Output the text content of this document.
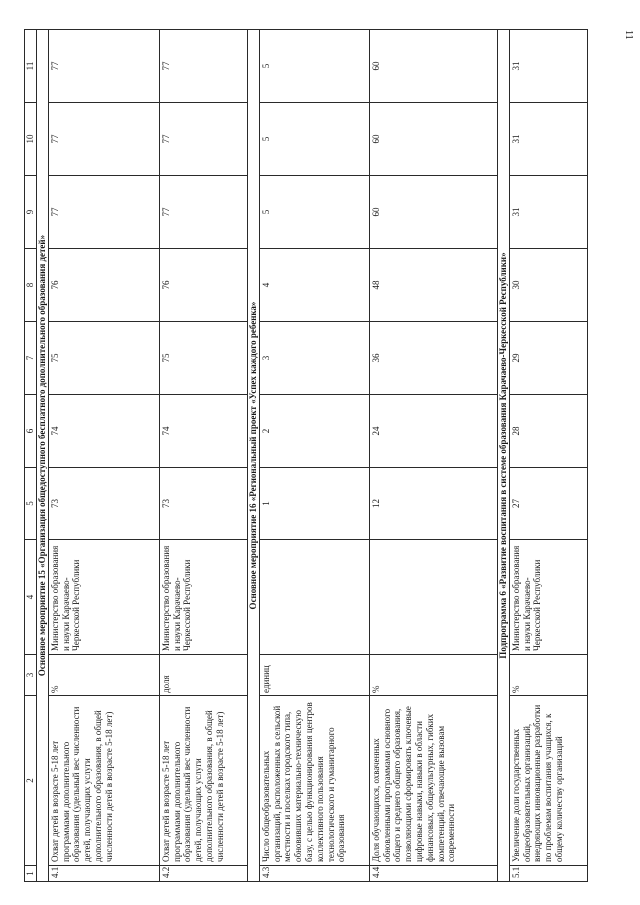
11
1	2	3	4	5	6	7	8	9	10	11
Основное мероприятие 15 «Организация общедоступного бесплатного дополнительного образования детей»										
4.1	Охват детей в возрасте 5-18 лет программами дополнительного образования (удельный вес численности детей, получающих услуги дополнительного образования, в общей численности детей в возрасте 5-18 лет)	%	Министерство образования и науки Карачаево-Черкесской Республики	73	74	75	76	77	77	77
4.2	Охват детей в возрасте 5-18 лет программами дополнительного образования (удельный вес численности детей, получающих услуги дополнительного образования, в общей численности детей в возрасте 5-18 лет)	доля	Министерство образования и науки Карачаево-Черкесской Республики	73	74	75	76	77	77	77
Основное мероприятие 16 «Региональный проект «Успех каждого ребенка»										
4.3	Число общеобразовательных организаций, расположенных в сельской местности и поселках городского типа, обновивших материально-техническую базу, с целью функционирования центров коллективного пользования технологического и гуманитарного образования	единиц		1	2	3	4	5	5	5
4.4	Доля обучающихся, охваченных обновленными программами основного общего и среднего общего образования, позволяющими сформировать ключевые цифровые навыки, навыки в области финансовых, общекультурных, гибких компетенций, отвечающие вызовам современности	%		12	24	36	48	60	60	60
Подпрограмма 6 «Развитие воспитания в системе образования Карачаево-Черкесской Республики»										
5.1	Увеличение доли государственных общеобразовательных организаций, внедряющих инновационные разработки по проблемам воспитания учащихся, к общему количеству организаций	%	Министерство образования и науки Карачаево-Черкесской Республики	27	28	29	30	31	31	31
